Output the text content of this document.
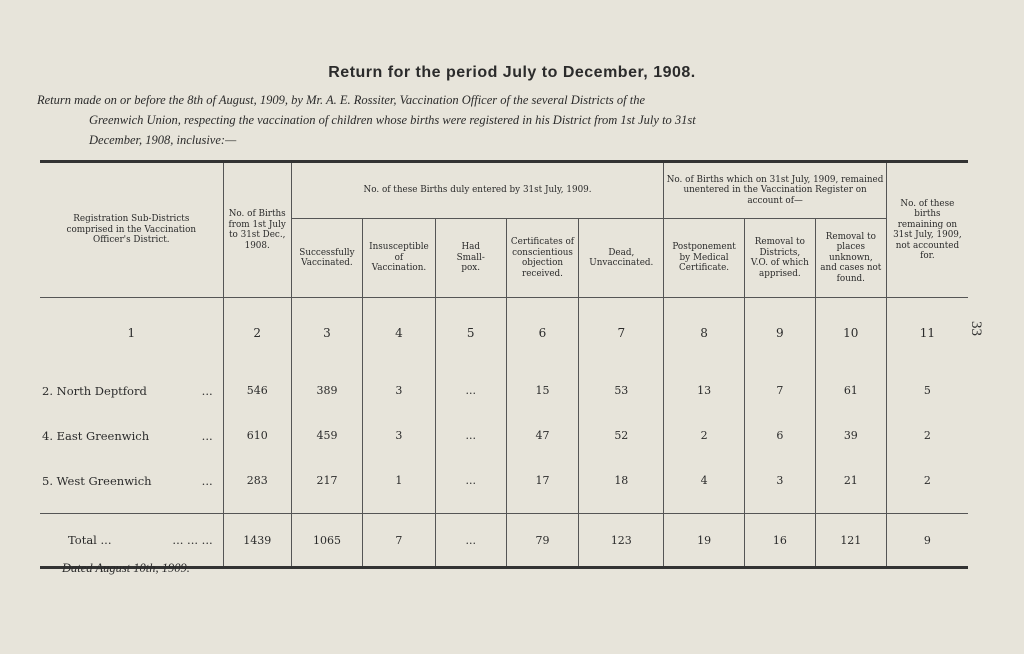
Return for the period July to December, 1908.
Return made on or before the 8th of August, 1909, by Mr. A. E. Rossiter, Vaccination Officer of the several Districts of the
Greenwich Union, respecting the vaccination of children whose births were registered in his District from 1st July to 31st
December, 1908, inclusive:—
33
Registration Sub-Districts comprised in the Vaccination Officer's District.	No. of Births from 1st July to 31st Dec., 1908.	No. of these Births duly entered by 31st July, 1909.					No. of Births which on 31st July, 1909, remained unentered in the Vaccination Register on account of—			No. of these births remaining on 31st July, 1909, not accounted for.
		Successfully Vaccinated.	Insusceptible of Vaccination.	Had Small-pox.	Certificates of conscientious objection received.	Dead, Unvaccinated.	Postponement by Medical Certificate.	Removal to Districts, V.O. of which apprised.	Removal to places unknown, and cases not found.	
1	2	3	4	5	6	7	8	9	10	11
2. North Deptford ...	546	389	3	...	15	53	13	7	61	5
4. East Greenwich ...	610	459	3	...	47	52	2	6	39	2
5. West Greenwich ...	283	217	1	...	17	18	4	3	21	2
Total ... ... ... ...	1439	1065	7	...	79	123	19	16	121	9
Dated August 10th, 1909.
